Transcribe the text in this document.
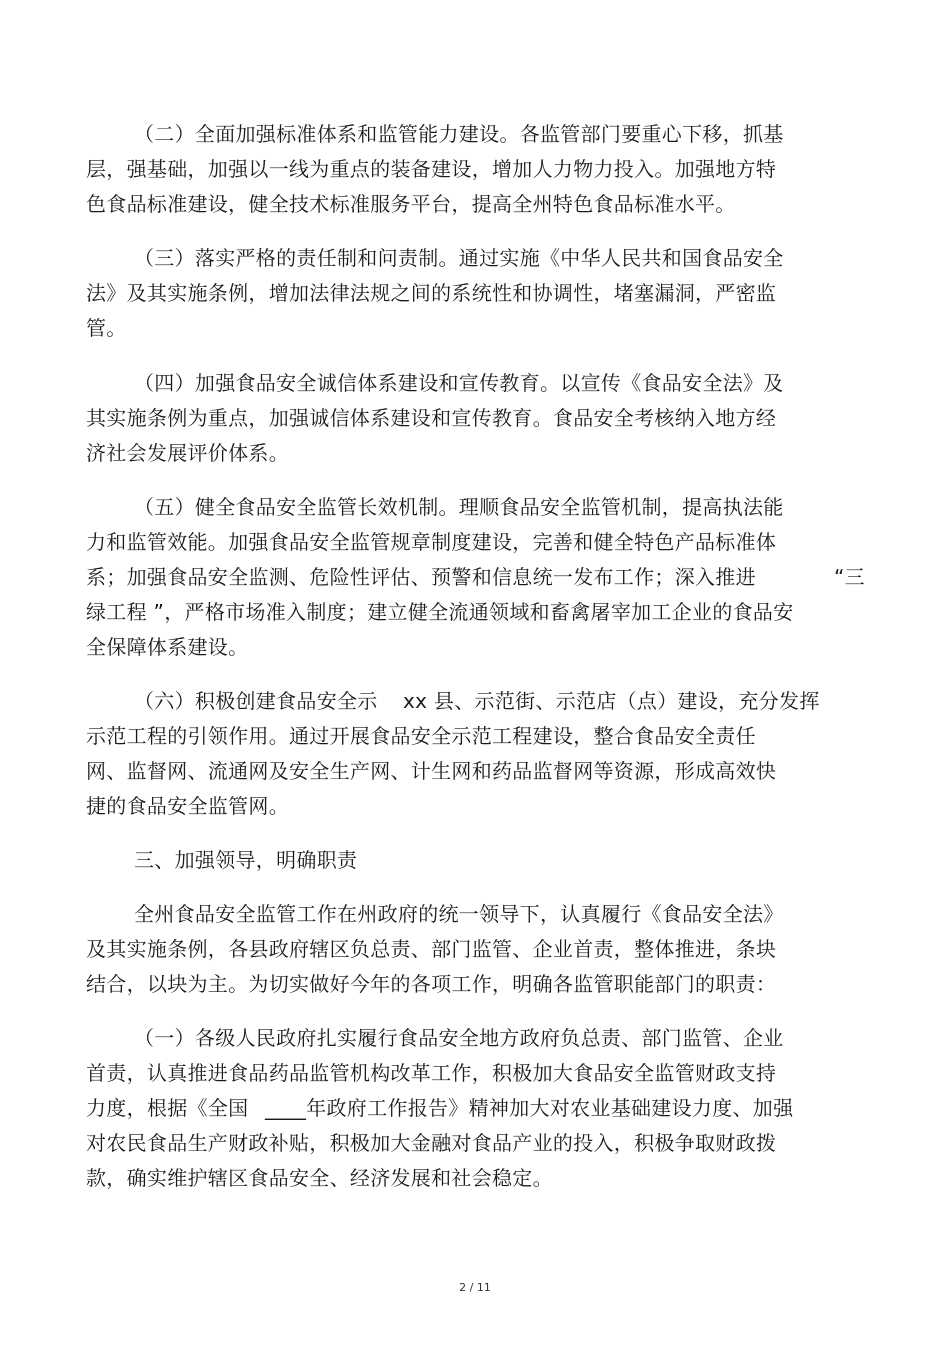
（二）全面加强标准体系和监管能力建设。各监管部门要重心下移，抓基
层，强基础，加强以一线为重点的装备建设，增加人力物力投入。加强地方特
色食品标准建设，健全技术标准服务平台，提高全州特色食品标准水平。
（三）落实严格的责任制和问责制。通过实施《中华人民共和国食品安全
法》及其实施条例，增加法律法规之间的系统性和协调性，堵塞漏洞，严密监
管。
（四）加强食品安全诚信体系建设和宣传教育。以宣传《食品安全法》及
其实施条例为重点，加强诚信体系建设和宣传教育。食品安全考核纳入地方经
济社会发展评价体系。
（五）健全食品安全监管长效机制。理顺食品安全监管机制，提高执法能
力和监管效能。加强食品安全监管规章制度建设，完善和健全特色产品标准体
系；加强食品安全监测、危险性评估、预警和信息统一发布工作；深入推进	“三
绿工程 ”，严格市场准入制度；建立健全流通领域和畜禽屠宰加工企业的食品安
全保障体系建设。
（六）积极创建食品安全示 xx 县、示范街、示范店（点）建设，充分发挥
示范工程的引领作用。通过开展食品安全示范工程建设，整合食品安全责任
网、监督网、流通网及安全生产网、计生网和药品监督网等资源，形成高效快
捷的食品安全监管网。
三、加强领导，明确职责
全州食品安全监管工作在州政府的统一领导下，认真履行《食品安全法》
及其实施条例，各县政府辖区负总责、部门监管、企业首责，整体推进，条块
结合，以块为主。为切实做好今年的各项工作，明确各监管职能部门的职责：
（一）各级人民政府扎实履行食品安全地方政府负总责、部门监管、企业
首责，认真推进食品药品监管机构改革工作，积极加大食品安全监管财政支持
力度，根据《全国 ____年政府工作报告》精神加大对农业基础建设力度、加强
对农民食品生产财政补贴，积极加大金融对食品产业的投入，积极争取财政拨
款，确实维护辖区食品安全、经济发展和社会稳定。
2 / 11
